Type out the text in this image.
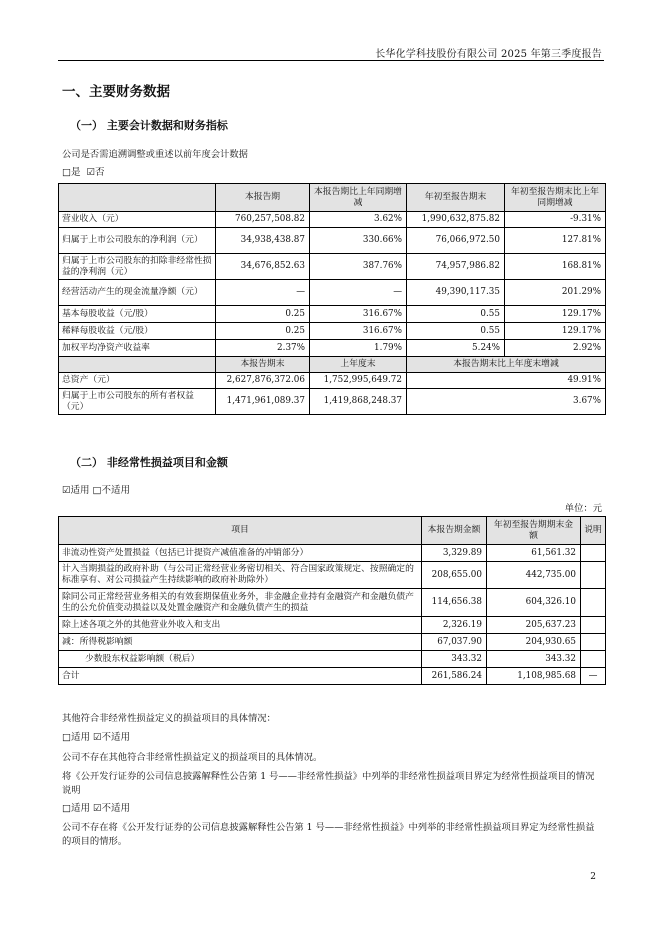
长华化学科技股份有限公司 2025 年第三季度报告
一、主要财务数据
（一） 主要会计数据和财务指标
公司是否需追溯调整或重述以前年度会计数据
□是 ☑否
	本报告期	本报告期比上年同期增减	年初至报告期末	年初至报告期末比上年同期增减
营业收入（元）	760,257,508.82	3.62%	1,990,632,875.82	-9.31%
归属于上市公司股东的净利润（元）	34,938,438.87	330.66%	76,066,972.50	127.81%
归属于上市公司股东的扣除非经常性损益的净利润（元）	34,676,852.63	387.76%	74,957,986.82	168.81%
经营活动产生的现金流量净额（元）	—	—	49,390,117.35	201.29%
基本每股收益（元/股）	0.25	316.67%	0.55	129.17%
稀释每股收益（元/股）	0.25	316.67%	0.55	129.17%
加权平均净资产收益率	2.37%	1.79%	5.24%	2.92%
	本报告期末	上年度末	本报告期末比上年度末增减	
总资产（元）	2,627,876,372.06	1,752,995,649.72	49.91%	
归属于上市公司股东的所有者权益（元）	1,471,961,089.37	1,419,868,248.37	3.67%	
（二） 非经常性损益项目和金额
☑适用 □不适用
单位：元
项目	本报告期金额	年初至报告期期末金额	说明
非流动性资产处置损益（包括已计提资产减值准备的冲销部分）	3,329.89	61,561.32	
计入当期损益的政府补助（与公司正常经营业务密切相关、符合国家政策规定、按照确定的标准享有、对公司损益产生持续影响的政府补助除外）	208,655.00	442,735.00	
除同公司正常经营业务相关的有效套期保值业务外，非金融企业持有金融资产和金融负债产生的公允价值变动损益以及处置金融资产和金融负债产生的损益	114,656.38	604,326.10	
除上述各项之外的其他营业外收入和支出	2,326.19	205,637.23	
减：所得税影响额	67,037.90	204,930.65	
少数股东权益影响额（税后）	343.32	343.32	
合计	261,586.24	1,108,985.68	—
其他符合非经常性损益定义的损益项目的具体情况：
□适用 ☑不适用
公司不存在其他符合非经常性损益定义的损益项目的具体情况。
将《公开发行证券的公司信息披露解释性公告第 1 号——非经常性损益》中列举的非经常性损益项目界定为经常性损益项目的情况说明
□适用 ☑不适用
公司不存在将《公开发行证券的公司信息披露解释性公告第 1 号——非经常性损益》中列举的非经常性损益项目界定为经常性损益的项目的情形。
2
